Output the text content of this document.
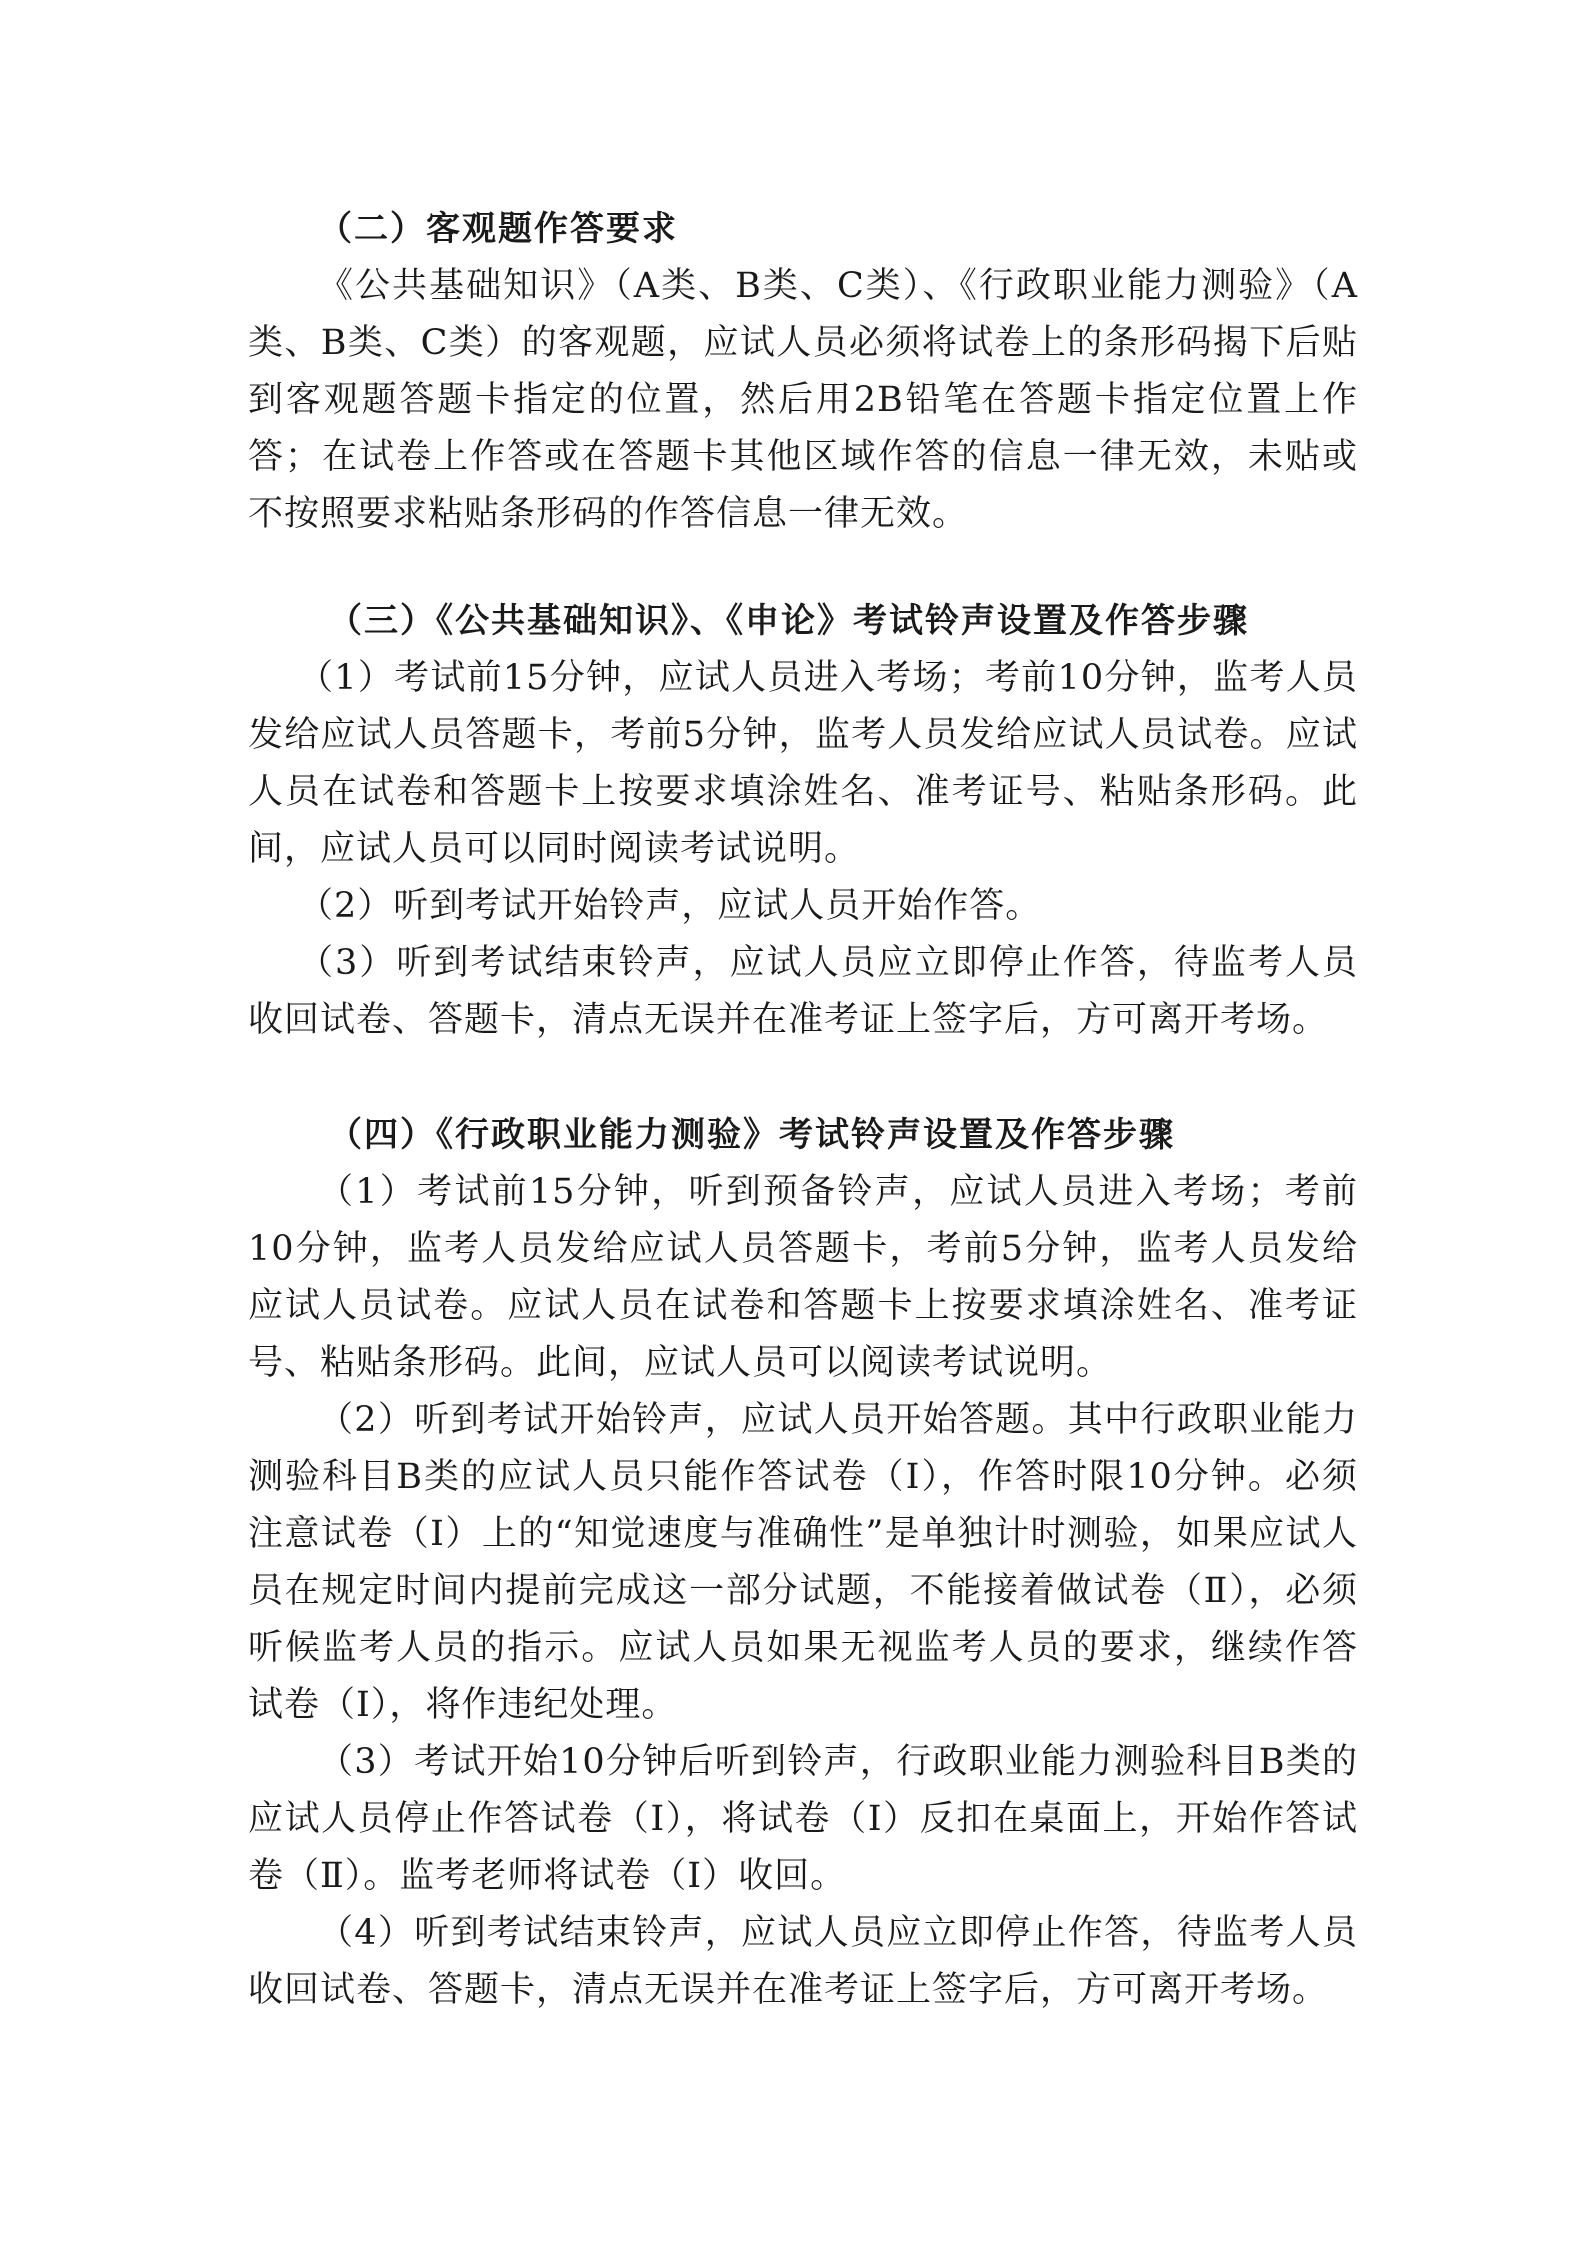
（二）客观题作答要求

《公共基础知识》（A类、B类、C类）、《行政职业能力测验》（A类、B类、C类）的客观题，应试人员必须将试卷上的条形码揭下后贴到客观题答题卡指定的位置，然后用2B铅笔在答题卡指定位置上作答；在试卷上作答或在答题卡其他区域作答的信息一律无效，未贴或不按照要求粘贴条形码的作答信息一律无效。

（三）《公共基础知识》、《申论》考试铃声设置及作答步骤

（1）考试前15分钟，应试人员进入考场；考前10分钟，监考人员发给应试人员答题卡，考前5分钟，监考人员发给应试人员试卷。应试人员在试卷和答题卡上按要求填涂姓名、准考证号、粘贴条形码。此间，应试人员可以同时阅读考试说明。

（2）听到考试开始铃声，应试人员开始作答。

（3）听到考试结束铃声，应试人员应立即停止作答，待监考人员收回试卷、答题卡，清点无误并在准考证上签字后，方可离开考场。

（四）《行政职业能力测验》考试铃声设置及作答步骤

（1）考试前15分钟，听到预备铃声，应试人员进入考场；考前10分钟，监考人员发给应试人员答题卡，考前5分钟，监考人员发给应试人员试卷。应试人员在试卷和答题卡上按要求填涂姓名、准考证号、粘贴条形码。此间，应试人员可以阅读考试说明。

（2）听到考试开始铃声，应试人员开始答题。其中行政职业能力测验科目B类的应试人员只能作答试卷（Ⅰ），作答时限10分钟。必须注意试卷（Ⅰ）上的“知觉速度与准确性”是单独计时测验，如果应试人员在规定时间内提前完成这一部分试题，不能接着做试卷（Ⅱ），必须听候监考人员的指示。应试人员如果无视监考人员的要求，继续作答试卷（Ⅰ），将作违纪处理。

（3）考试开始10分钟后听到铃声，行政职业能力测验科目B类的应试人员停止作答试卷（Ⅰ），将试卷（Ⅰ）反扣在桌面上，开始作答试卷（Ⅱ）。监考老师将试卷（Ⅰ）收回。

（4）听到考试结束铃声，应试人员应立即停止作答，待监考人员收回试卷、答题卡，清点无误并在准考证上签字后，方可离开考场。
